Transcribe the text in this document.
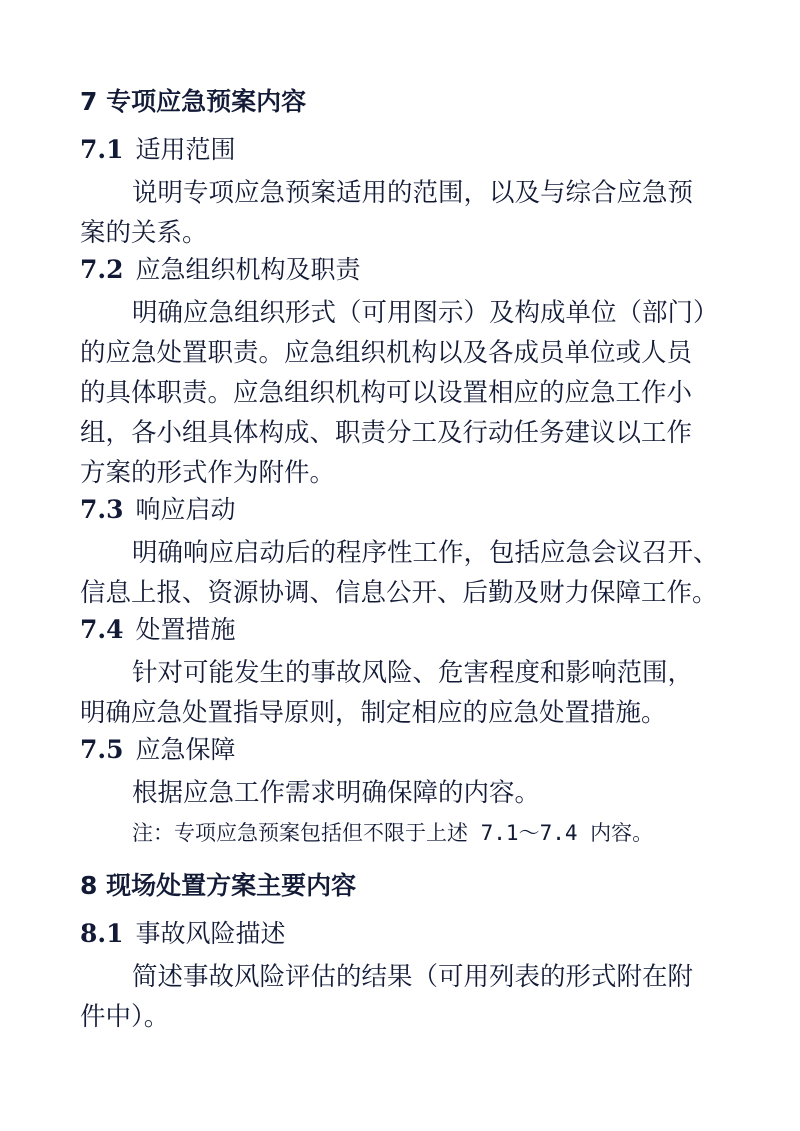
7 专项应急预案内容
7.1 适用范围
说明专项应急预案适用的范围，以及与综合应急预
案的关系。
7.2 应急组织机构及职责
明确应急组织形式（可用图示）及构成单位（部门）
的应急处置职责。应急组织机构以及各成员单位或人员
的具体职责。应急组织机构可以设置相应的应急工作小
组，各小组具体构成、职责分工及行动任务建议以工作
方案的形式作为附件。
7.3 响应启动
明确响应启动后的程序性工作，包括应急会议召开、
信息上报、资源协调、信息公开、后勤及财力保障工作。
7.4 处置措施
针对可能发生的事故风险、危害程度和影响范围，
明确应急处置指导原则，制定相应的应急处置措施。
7.5 应急保障
根据应急工作需求明确保障的内容。
注：专项应急预案包括但不限于上述 7.1～7.4 内容。
8 现场处置方案主要内容
8.1 事故风险描述
简述事故风险评估的结果（可用列表的形式附在附
件中）。
